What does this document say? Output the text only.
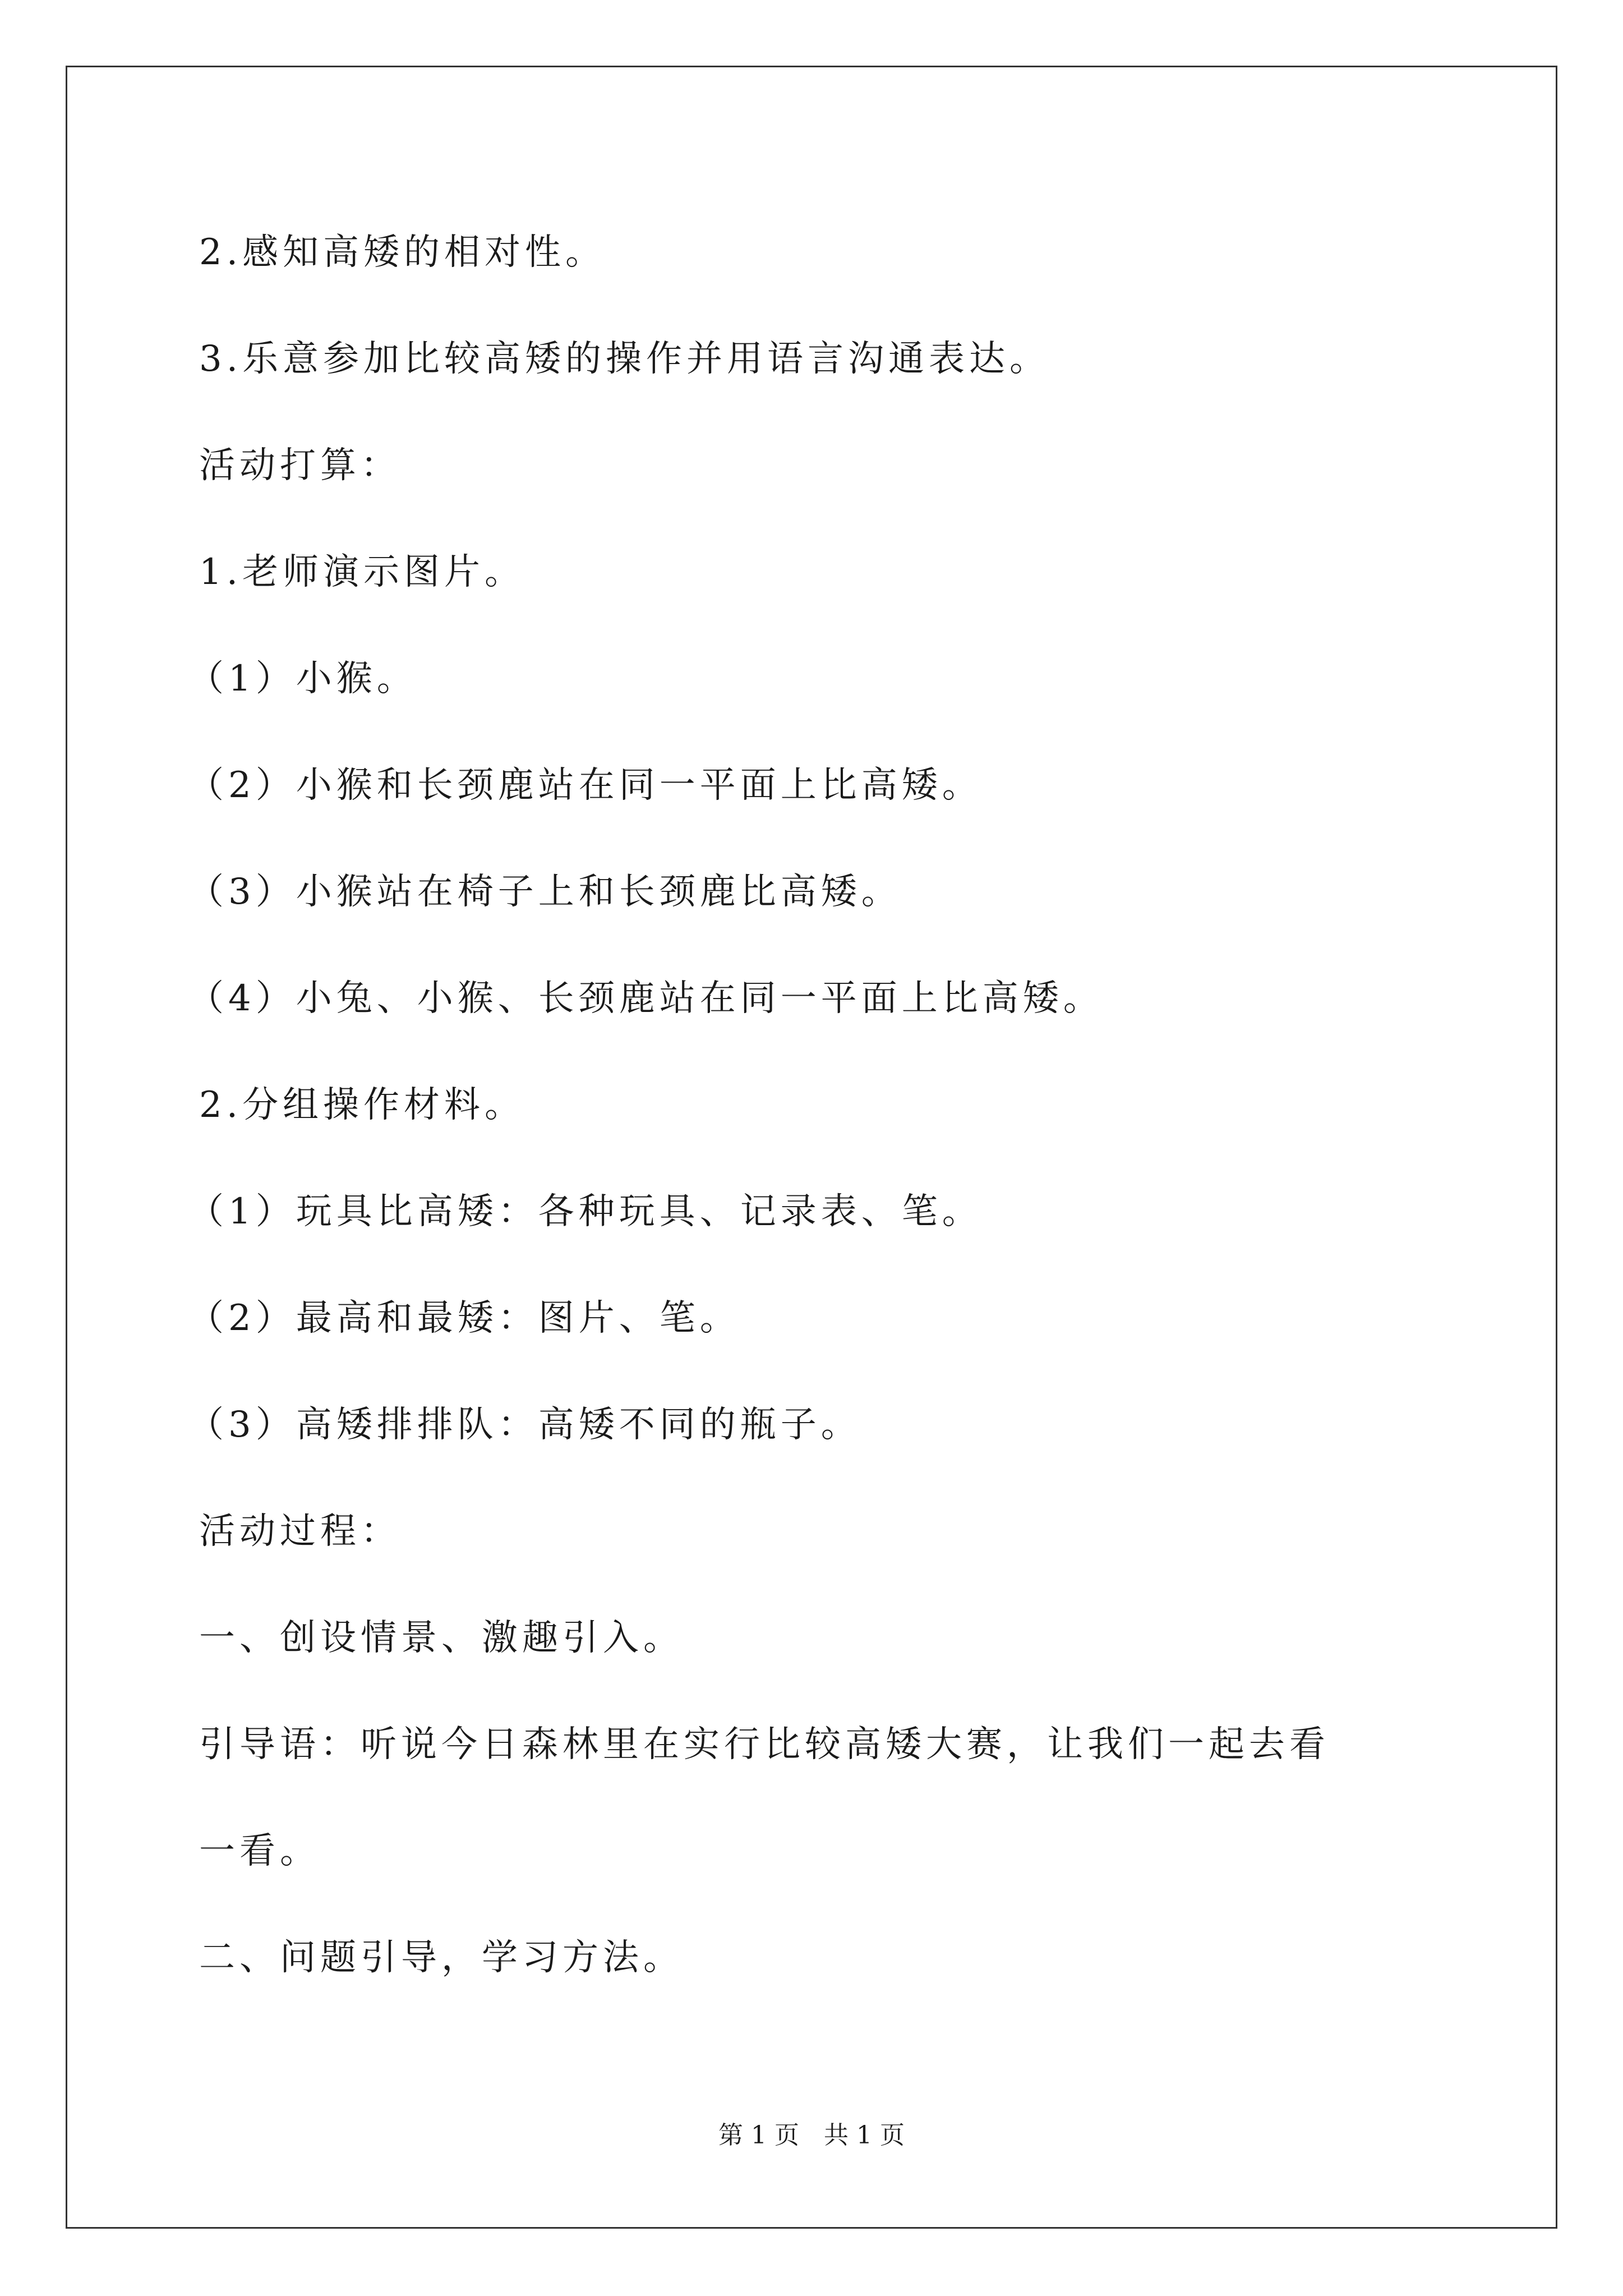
2.感知高矮的相对性。

3.乐意参加比较高矮的操作并用语言沟通表达。

活动打算：

1.老师演示图片。

（1）小猴。

（2）小猴和长颈鹿站在同一平面上比高矮。

（3）小猴站在椅子上和长颈鹿比高矮。

（4）小兔、小猴、长颈鹿站在同一平面上比高矮。

2.分组操作材料。

（1）玩具比高矮：各种玩具、记录表、笔。

（2）最高和最矮：图片、笔。

（3）高矮排排队：高矮不同的瓶子。

活动过程：

一、创设情景、激趣引入。

引导语：听说今日森林里在实行比较高矮大赛，让我们一起去看

一看。

二、问题引导，学习方法。

第 1 页　共 1 页
